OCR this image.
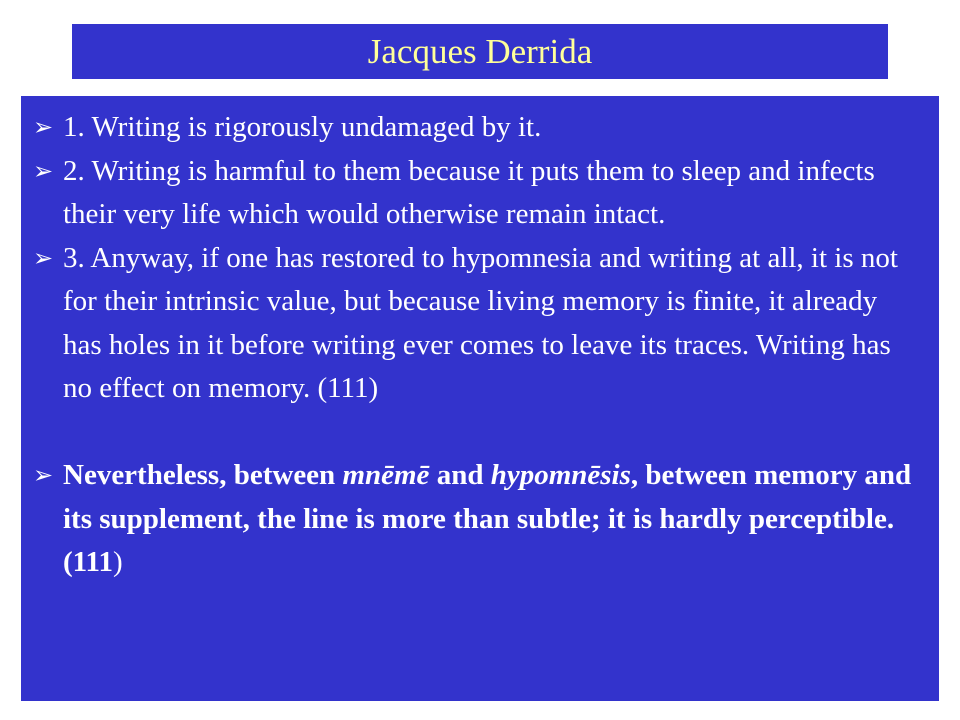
Jacques Derrida

➢ 1. Writing is rigorously undamaged by it.

➢ 2. Writing is harmful to them because it puts them to sleep and infects their very life which would otherwise remain intact.

➢ 3. Anyway, if one has restored to hypomnesia and writing at all, it is not for their intrinsic value, but because living memory is finite, it already has holes in it before writing ever comes to leave its traces. Writing has no effect on memory. (111)

➢ Nevertheless, between mnēmē and hypomnēsis, between memory and its supplement, the line is more than subtle; it is hardly perceptible. (111)
